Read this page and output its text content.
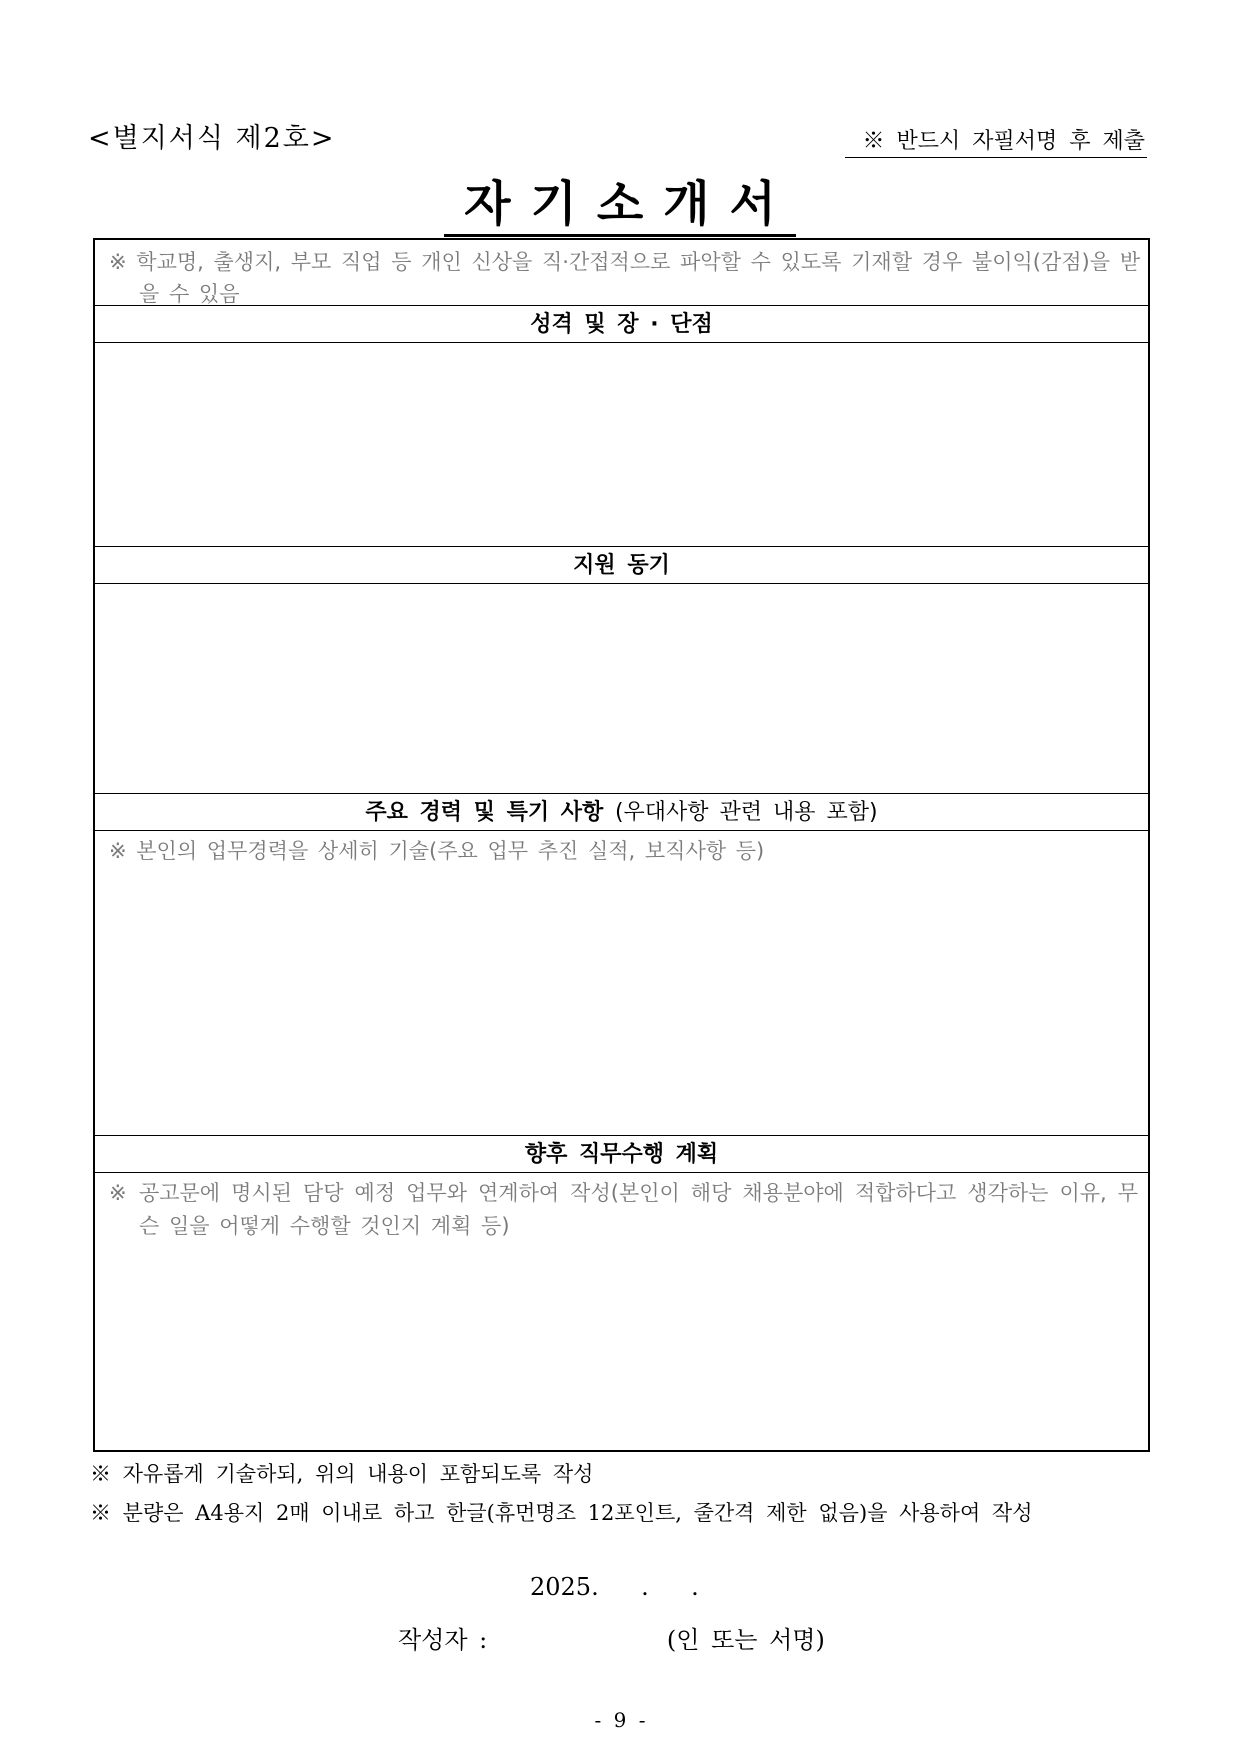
<별지서식 제2호>	※ 반드시 자필서명 후 제출
자기소개서
※ 학교명, 출생지, 부모 직업 등 개인 신상을 직·간접적으로 파악할 수 있도록 기재할 경우 불이익(감점)을 받을 수 있음
성격 및 장 · 단점
지원 동기
주요 경력 및 특기 사항 (우대사항 관련 내용 포함)
※ 본인의 업무경력을 상세히 기술(주요 업무 추진 실적, 보직사항 등)
향후 직무수행 계획
※ 공고문에 명시된 담당 예정 업무와 연계하여 작성(본인이 해당 채용분야에 적합하다고 생각하는 이유, 무슨 일을 어떻게 수행할 것인지 계획 등)
※ 자유롭게 기술하되, 위의 내용이 포함되도록 작성
※ 분량은 A4용지 2매 이내로 하고 한글(휴먼명조 12포인트, 줄간격 제한 없음)을 사용하여 작성
2025. . .
작성자 :	(인 또는 서명)
- 9 -
